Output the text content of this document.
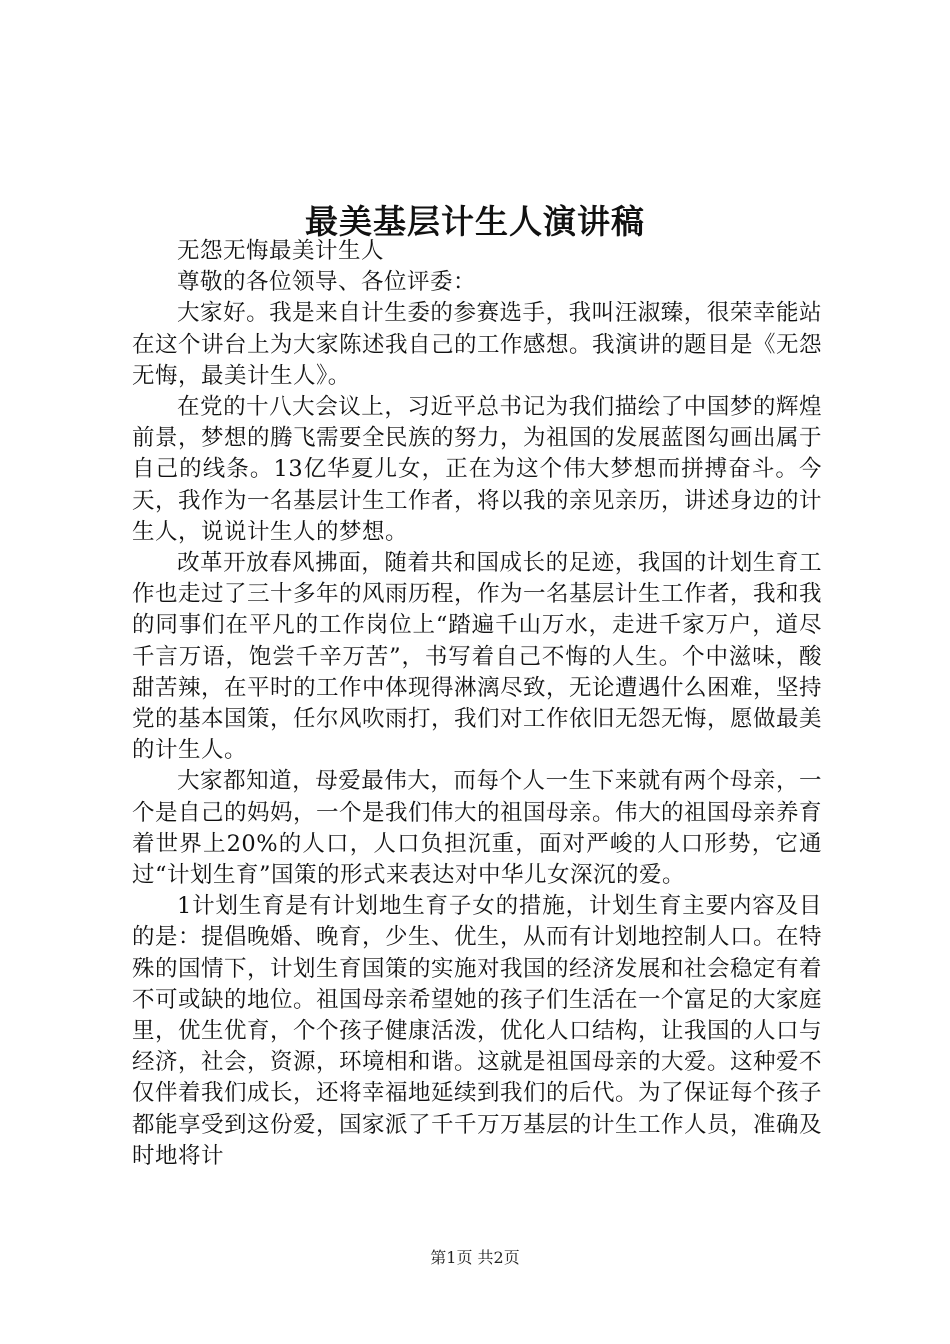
最美基层计生人演讲稿

无怨无悔最美计生人

尊敬的各位领导、各位评委：

大家好。我是来自计生委的参赛选手，我叫汪淑臻，很荣幸能站在这个讲台上为大家陈述我自己的工作感想。我演讲的题目是《无怨无悔，最美计生人》。

在党的十八大会议上，习近平总书记为我们描绘了中国梦的辉煌前景，梦想的腾飞需要全民族的努力，为祖国的发展蓝图勾画出属于自己的线条。13亿华夏儿女，正在为这个伟大梦想而拼搏奋斗。今天，我作为一名基层计生工作者，将以我的亲见亲历，讲述身边的计生人，说说计生人的梦想。

改革开放春风拂面，随着共和国成长的足迹，我国的计划生育工作也走过了三十多年的风雨历程，作为一名基层计生工作者，我和我的同事们在平凡的工作岗位上“踏遍千山万水，走进千家万户，道尽千言万语，饱尝千辛万苦”，书写着自己不悔的人生。个中滋味，酸甜苦辣，在平时的工作中体现得淋漓尽致，无论遭遇什么困难，坚持党的基本国策，任尔风吹雨打，我们对工作依旧无怨无悔，愿做最美的计生人。

大家都知道，母爱最伟大，而每个人一生下来就有两个母亲，一个是自己的妈妈，一个是我们伟大的祖国母亲。伟大的祖国母亲养育着世界上20%的人口，人口负担沉重，面对严峻的人口形势，它通过“计划生育”国策的形式来表达对中华儿女深沉的爱。

1计划生育是有计划地生育子女的措施，计划生育主要内容及目的是：提倡晚婚、晚育，少生、优生，从而有计划地控制人口。在特殊的国情下，计划生育国策的实施对我国的经济发展和社会稳定有着不可或缺的地位。祖国母亲希望她的孩子们生活在一个富足的大家庭里，优生优育，个个孩子健康活泼，优化人口结构，让我国的人口与经济，社会，资源，环境相和谐。这就是祖国母亲的大爱。这种爱不仅伴着我们成长，还将幸福地延续到我们的后代。为了保证每个孩子都能享受到这份爱，国家派了千千万万基层的计生工作人员，准确及时地将计

第1页 共2页
